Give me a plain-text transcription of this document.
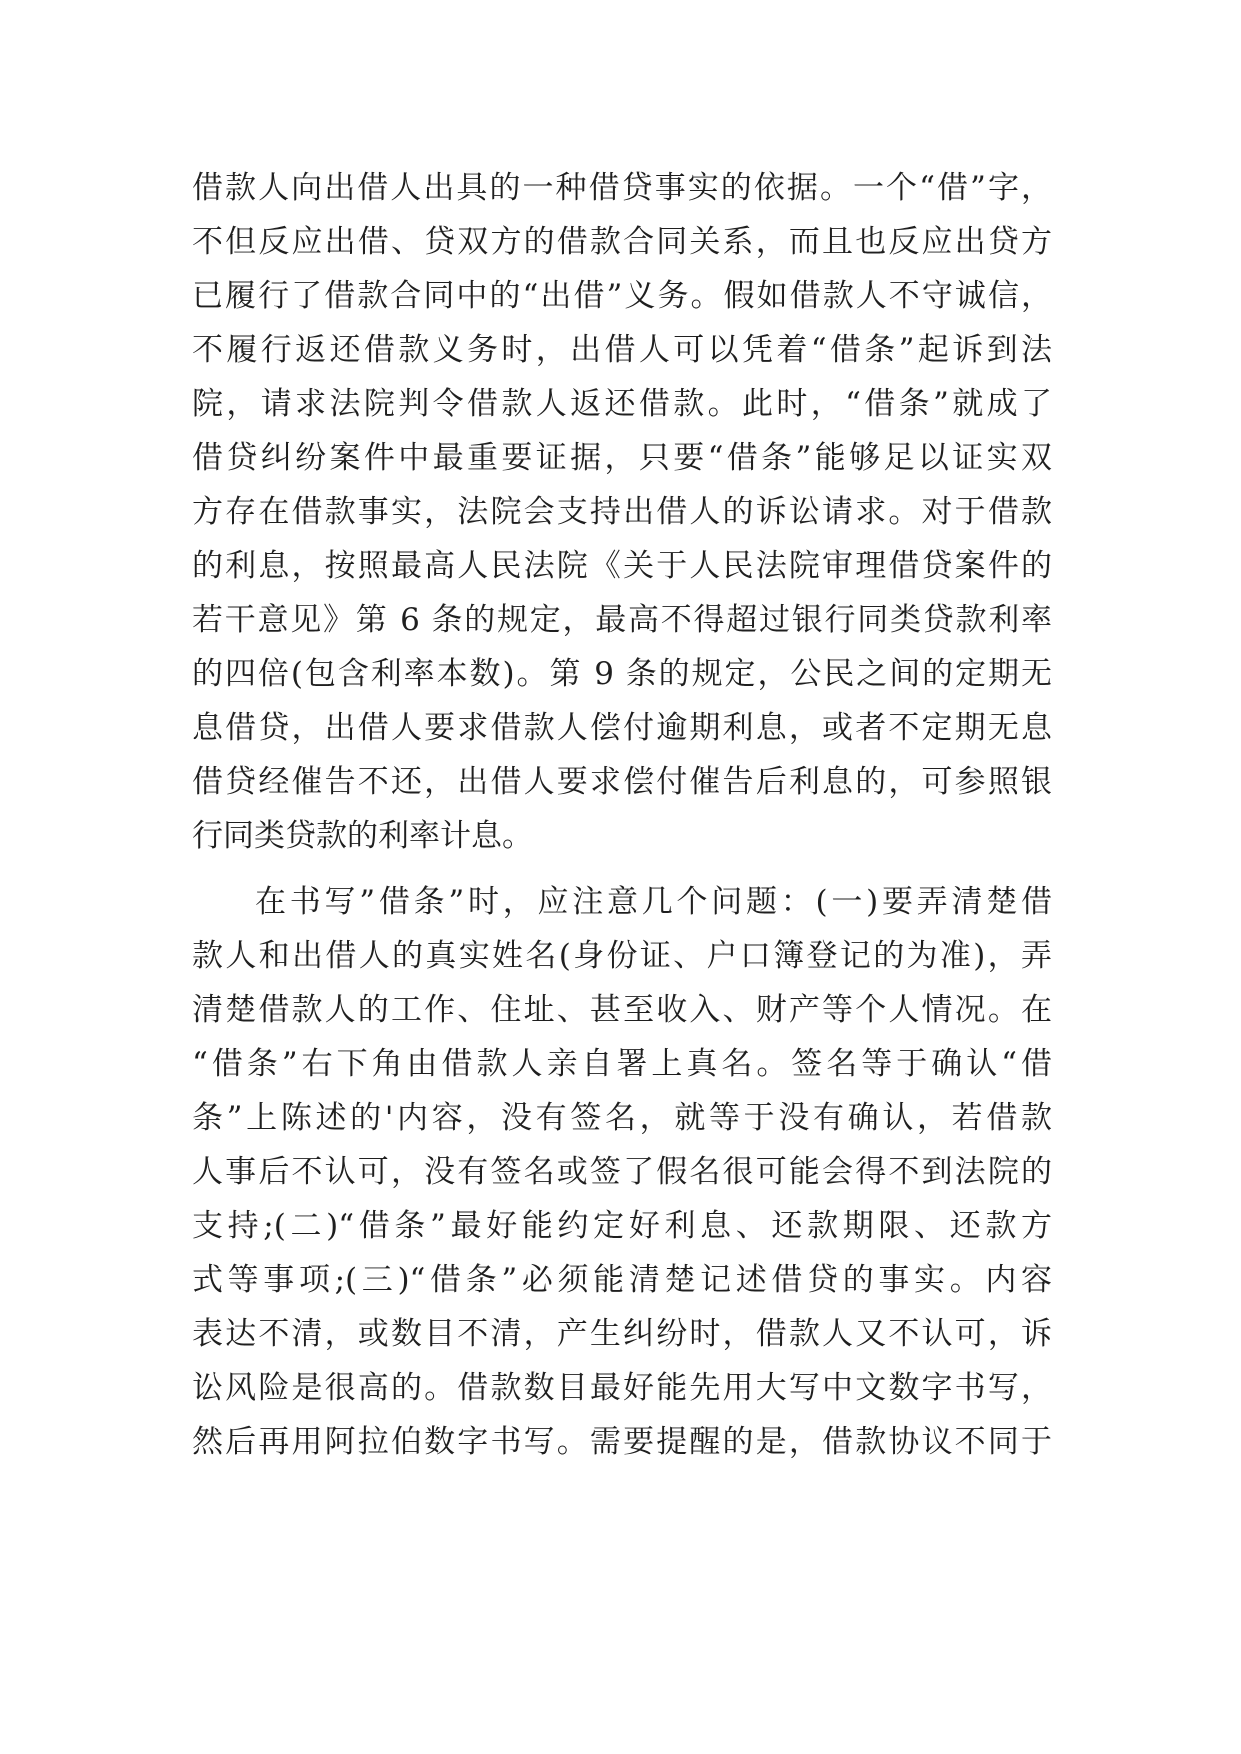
借款人向出借人出具的一种借贷事实的依据。一个“借”字，
不但反应出借、贷双方的借款合同关系，而且也反应出贷方
已履行了借款合同中的“出借”义务。假如借款人不守诚信，
不履行返还借款义务时，出借人可以凭着“借条”起诉到法
院，请求法院判令借款人返还借款。此时，“借条”就成了
借贷纠纷案件中最重要证据，只要“借条”能够足以证实双
方存在借款事实，法院会支持出借人的诉讼请求。对于借款
的利息，按照最高人民法院《关于人民法院审理借贷案件的
若干意见》第 6 条的规定，最高不得超过银行同类贷款利率
的四倍(包含利率本数)。第 9 条的规定，公民之间的定期无
息借贷，出借人要求借款人偿付逾期利息，或者不定期无息
借贷经催告不还，出借人要求偿付催告后利息的，可参照银
行同类贷款的利率计息。
在书写”借条”时，应注意几个问题：(一)要弄清楚借
款人和出借人的真实姓名(身份证、户口簿登记的为准)，弄
清楚借款人的工作、住址、甚至收入、财产等个人情况。在
“借条”右下角由借款人亲自署上真名。签名等于确认“借
条”上陈述的'内容，没有签名，就等于没有确认，若借款
人事后不认可，没有签名或签了假名很可能会得不到法院的
支持;(二)“借条”最好能约定好利息、还款期限、还款方
式等事项;(三)“借条”必须能清楚记述借贷的事实。内容
表达不清，或数目不清，产生纠纷时，借款人又不认可，诉
讼风险是很高的。借款数目最好能先用大写中文数字书写，
然后再用阿拉伯数字书写。需要提醒的是，借款协议不同于
